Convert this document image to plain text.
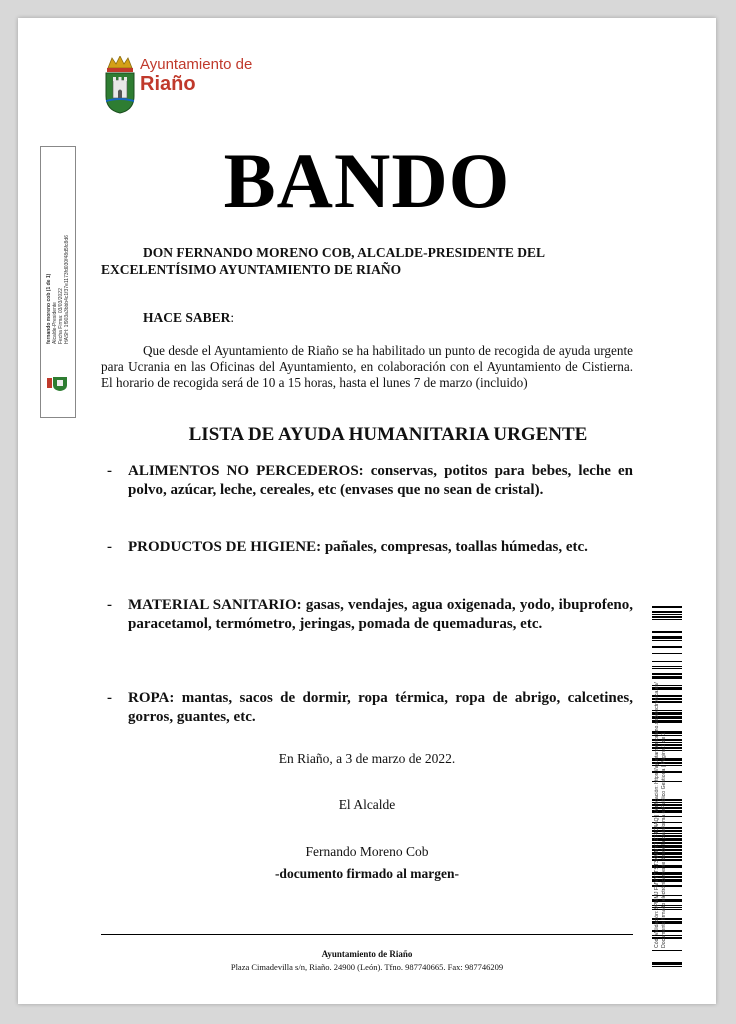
Ayuntamiento de
Riaño
fernando moreno cob (1 de 1) Alcalde-Presidente Fecha Firma: 03/03/2022 HASH: 1f903a3bbb4c1f37e1173fd030f48d5fc8d6
BANDO
DON FERNANDO MORENO COB, ALCALDE-PRESIDENTE DEL
EXCELENTÍSIMO AYUNTAMIENTO DE RIAÑO
HACE SABER:
Que desde el Ayuntamiento de Riaño se ha habilitado un punto de recogida de ayuda urgente para Ucrania en las Oficinas del Ayuntamiento, en colaboración con el Ayuntamiento de Cistierna. El horario de recogida será de 10 a 15 horas, hasta el lunes 7 de marzo (incluido)
LISTA DE AYUDA HUMANITARIA URGENTE
- ALIMENTOS NO PERCEDEROS: conservas, potitos para bebes, leche en polvo, azúcar, leche, cereales, etc (envases que no sean de cristal).
- PRODUCTOS DE HIGIENE: pañales, compresas, toallas húmedas, etc.
- MATERIAL SANITARIO: gasas, vendajes, agua oxigenada, yodo, ibuprofeno, paracetamol, termómetro, jeringas, pomada de quemaduras, etc.
- ROPA: mantas, sacos de dormir, ropa térmica, ropa de abrigo, calcetines, gorros, guantes, etc.
En Riaño, a 3 de marzo de 2022.
El Alcalde
Fernando Moreno Cob
-documento firmado al margen-
Ayuntamiento de Riaño
Plaza Cimadevilla s/n, Riaño. 24900 (León). Tfno. 987740665. Fax: 987746209
Cód. Validación: 9PMMJ FMVY7TST3KMNY7 ZT4C4AQ | Verificación: https://ayuntamientoriano.sedelectronica.es/ Documento firmado electrónicamente desde la plataforma esPublico Gestiona | Página 1 de 1
